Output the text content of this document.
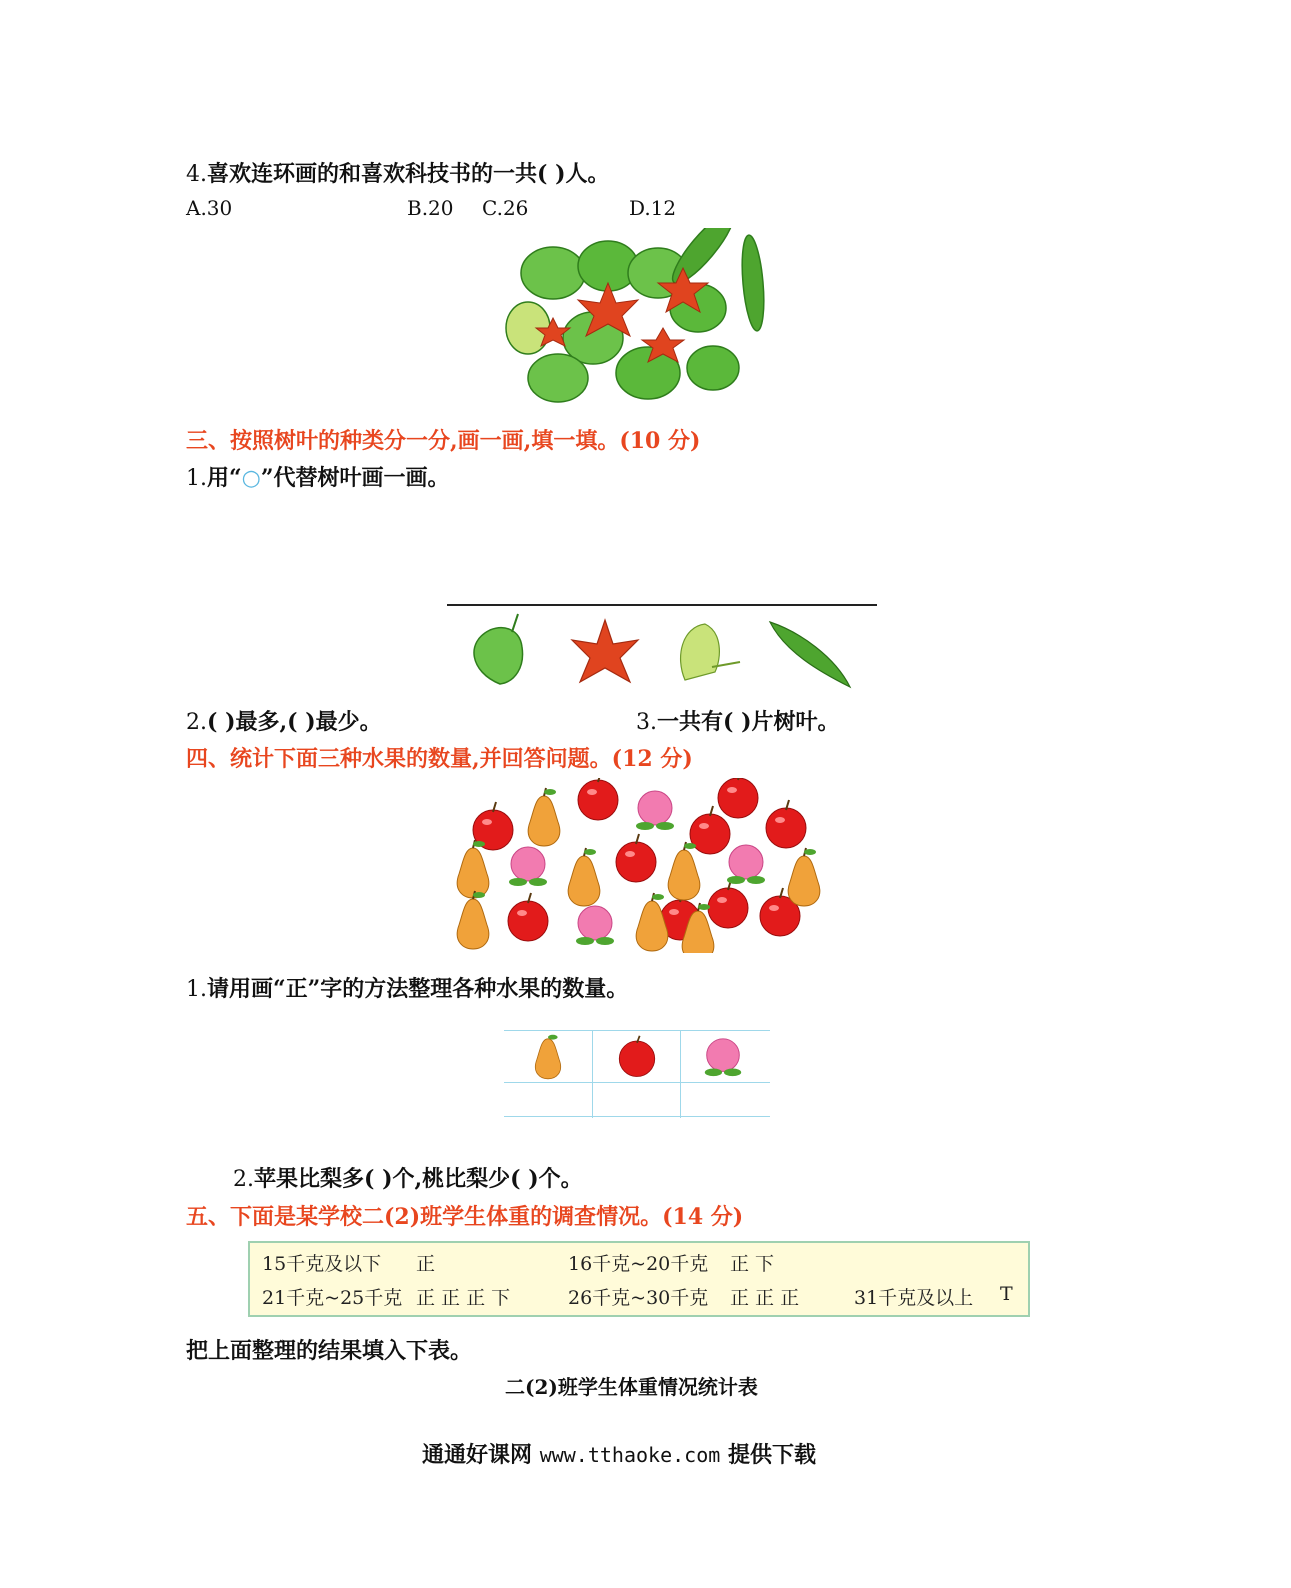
4.喜欢连环画的和喜欢科技书的一共( )人。
A.30	B.20 C.26	D.12
三、按照树叶的种类分一分,画一画,填一填。(10 分)
1.用“○”代替树叶画一画。
2.( )最多,( )最少。	3.一共有( )片树叶。
四、统计下面三种水果的数量,并回答问题。(12 分)
1.请用画“正”字的方法整理各种水果的数量。
2.苹果比梨多( )个,桃比梨少( )个。
五、下面是某学校二(2)班学生体重的调查情况。(14 分)
15千克及以下 正	16千克~20千克 正 下
21千克~25千克 正 正 正 下	26千克~30千克 正 正 正	31千克及以上 T
把上面整理的结果填入下表。
二(2)班学生体重情况统计表
通通好课网 www.tthaoke.com 提供下载
